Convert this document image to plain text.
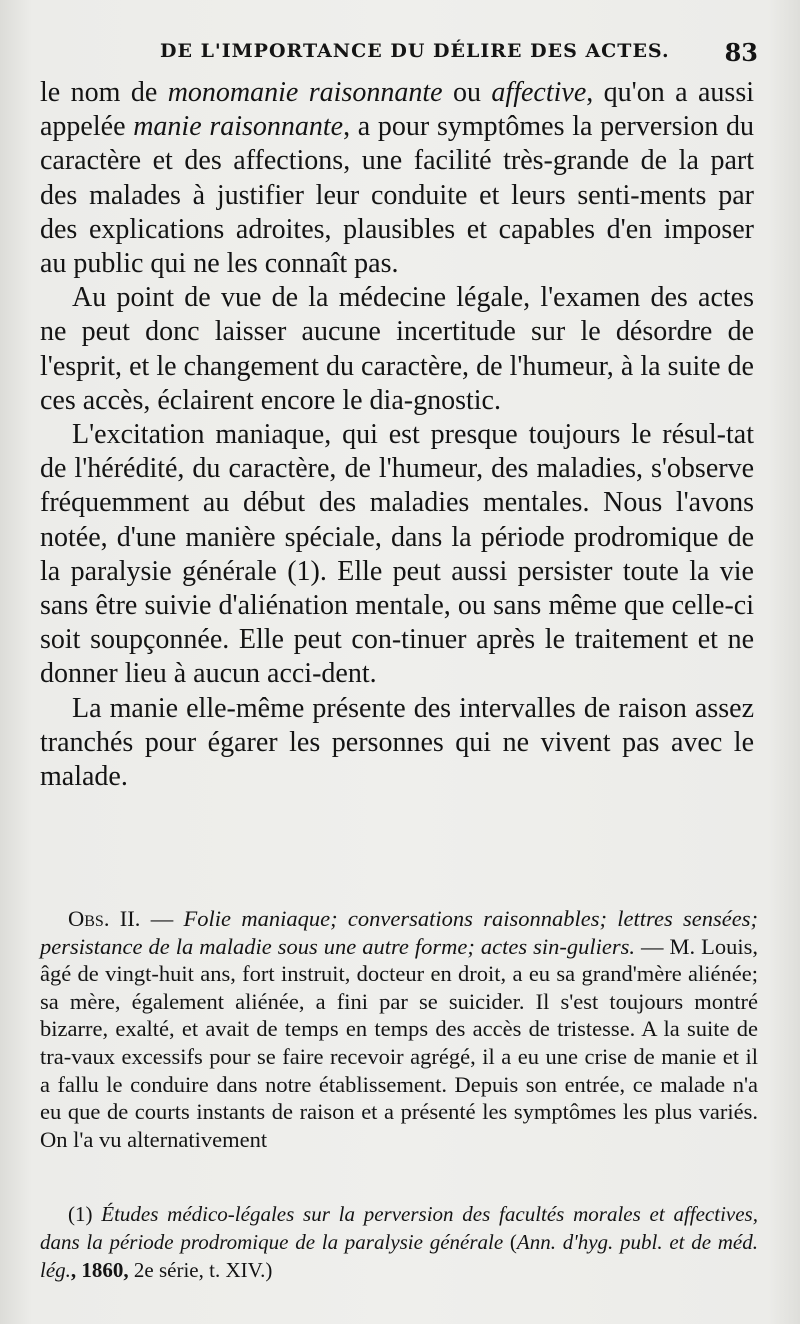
DE L'IMPORTANCE DU DÉLIRE DES ACTES. 83

le nom de monomanie raisonnante ou affective, qu'on a aussi appelée manie raisonnante, a pour symptômes la perversion du caractère et des affections, une facilité très-grande de la part des malades à justifier leur conduite et leurs senti-ments par des explications adroites, plausibles et capables d'en imposer au public qui ne les connaît pas.

Au point de vue de la médecine légale, l'examen des actes ne peut donc laisser aucune incertitude sur le désordre de l'esprit, et le changement du caractère, de l'humeur, à la suite de ces accès, éclairent encore le dia-gnostic.

L'excitation maniaque, qui est presque toujours le résul-tat de l'hérédité, du caractère, de l'humeur, des maladies, s'observe fréquemment au début des maladies mentales. Nous l'avons notée, d'une manière spéciale, dans la période prodromique de la paralysie générale (1). Elle peut aussi persister toute la vie sans être suivie d'aliénation mentale, ou sans même que celle-ci soit soupçonnée. Elle peut con-tinuer après le traitement et ne donner lieu à aucun acci-dent.

La manie elle-même présente des intervalles de raison assez tranchés pour égarer les personnes qui ne vivent pas avec le malade.

Obs. II. — Folie maniaque; conversations raisonnables; lettres sensées; persistance de la maladie sous une autre forme; actes sin-guliers. — M. Louis, âgé de vingt-huit ans, fort instruit, docteur en droit, a eu sa grand'mère aliénée; sa mère, également aliénée, a fini par se suicider. Il s'est toujours montré bizarre, exalté, et avait de temps en temps des accès de tristesse. A la suite de tra-vaux excessifs pour se faire recevoir agrégé, il a eu une crise de manie et il a fallu le conduire dans notre établissement. Depuis son entrée, ce malade n'a eu que de courts instants de raison et a présenté les symptômes les plus variés. On l'a vu alternativement

(1) Études médico-légales sur la perversion des facultés morales et affectives, dans la période prodromique de la paralysie générale (Ann. d'hyg. publ. et de méd. lég., 1860, 2e série, t. XIV.)
